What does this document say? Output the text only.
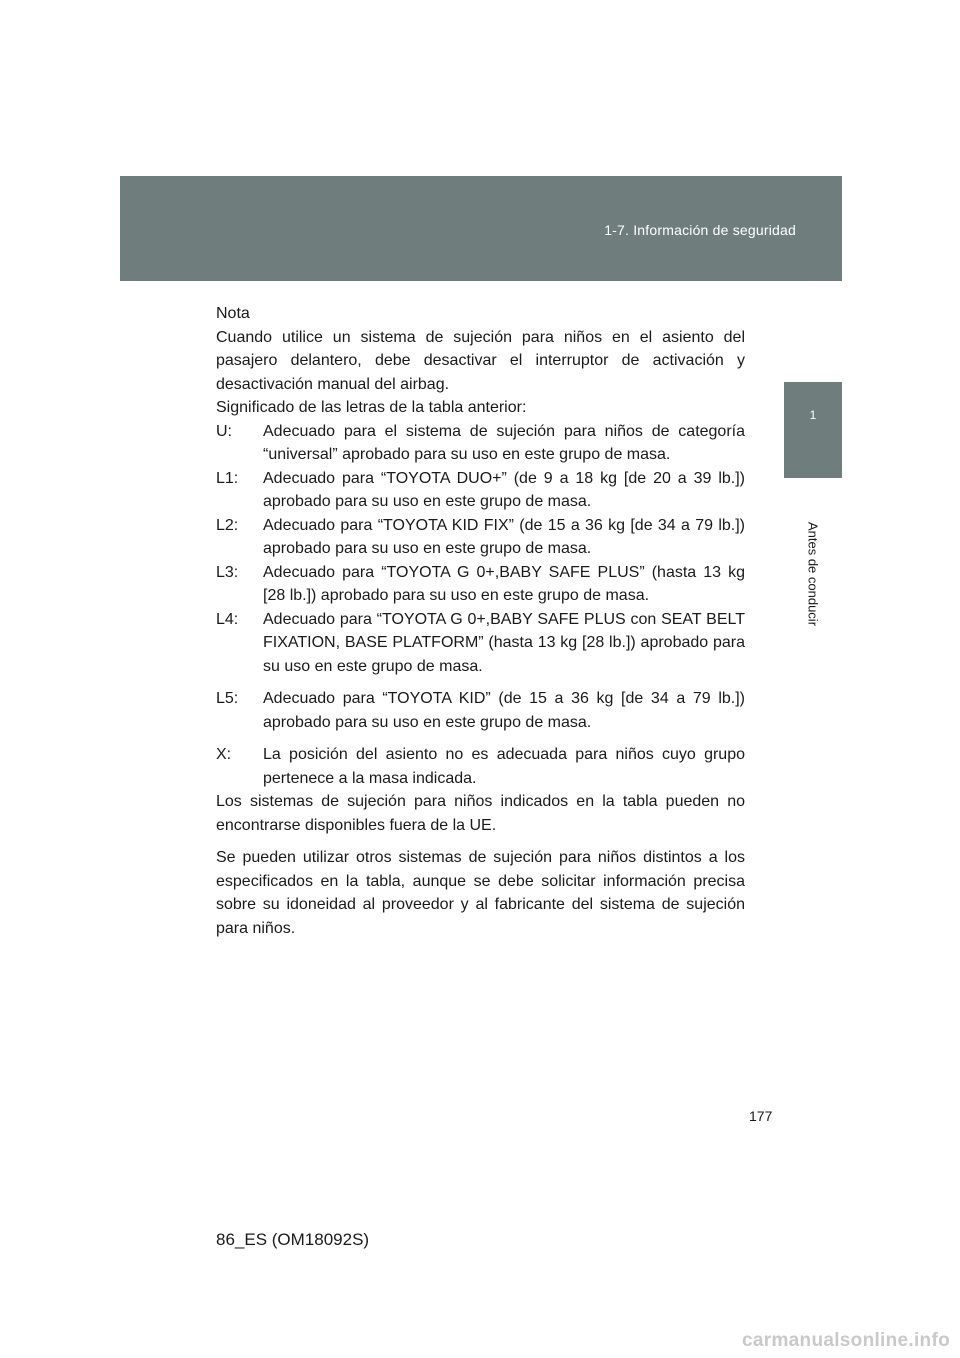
1-7. Información de seguridad
1
Antes de conducir

Nota

Cuando utilice un sistema de sujeción para niños en el asiento del pasajero delantero, debe desactivar el interruptor de activación y desactivación manual del airbag.

Significado de las letras de la tabla anterior:

U:	Adecuado para el sistema de sujeción para niños de categoría “universal” aprobado para su uso en este grupo de masa.
L1:	Adecuado para “TOYOTA DUO+” (de 9 a 18 kg [de 20 a 39 lb.]) aprobado para su uso en este grupo de masa.
L2:	Adecuado para “TOYOTA KID FIX” (de 15 a 36 kg [de 34 a 79 lb.]) aprobado para su uso en este grupo de masa.
L3:	Adecuado para “TOYOTA G 0+,BABY SAFE PLUS” (hasta 13 kg [28 lb.]) aprobado para su uso en este grupo de masa.
L4:	Adecuado para “TOYOTA G 0+,BABY SAFE PLUS con SEAT BELT FIXATION, BASE PLATFORM” (hasta 13 kg [28 lb.]) aprobado para su uso en este grupo de masa.
L5:	Adecuado para “TOYOTA KID” (de 15 a 36 kg [de 34 a 79 lb.]) aprobado para su uso en este grupo de masa.
X:	La posición del asiento no es adecuada para niños cuyo grupo pertenece a la masa indicada.

Los sistemas de sujeción para niños indicados en la tabla pueden no encontrarse disponibles fuera de la UE.

Se pueden utilizar otros sistemas de sujeción para niños distintos a los especificados en la tabla, aunque se debe solicitar información precisa sobre su idoneidad al proveedor y al fabricante del sistema de sujeción para niños.

177
86_ES (OM18092S)
carmanualsonline.info
